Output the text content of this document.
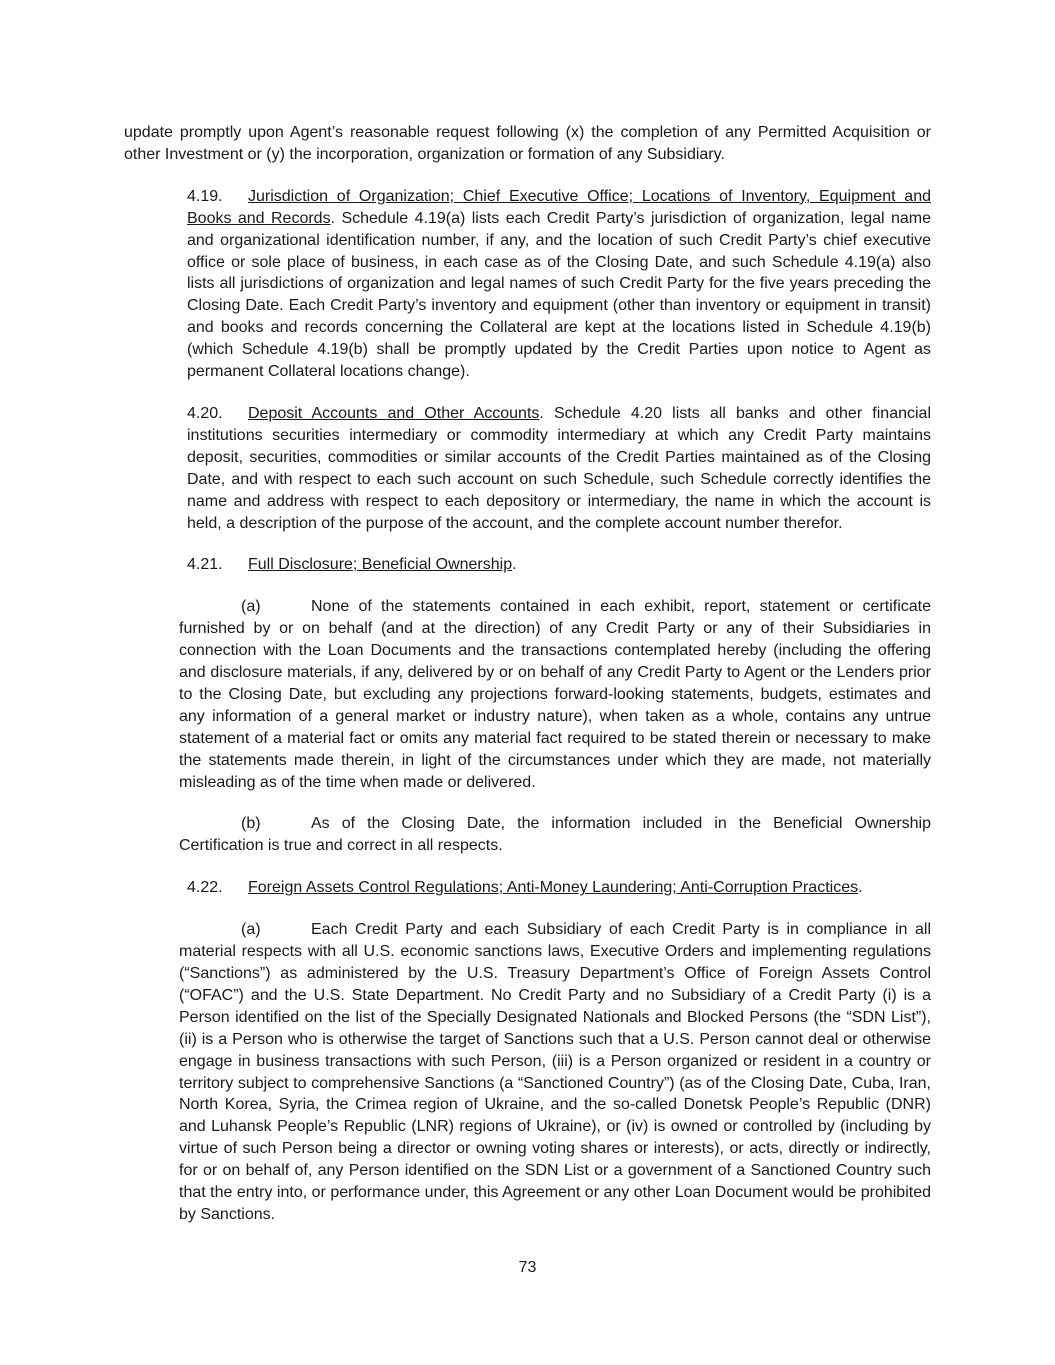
update promptly upon Agent’s reasonable request following (x) the completion of any Permitted Acquisition or other Investment or (y) the incorporation, organization or formation of any Subsidiary.

4.19. Jurisdiction of Organization; Chief Executive Office; Locations of Inventory, Equipment and Books and Records. Schedule 4.19(a) lists each Credit Party’s jurisdiction of organization, legal name and organizational identification number, if any, and the location of such Credit Party’s chief executive office or sole place of business, in each case as of the Closing Date, and such Schedule 4.19(a) also lists all jurisdictions of organization and legal names of such Credit Party for the five years preceding the Closing Date. Each Credit Party’s inventory and equipment (other than inventory or equipment in transit) and books and records concerning the Collateral are kept at the locations listed in Schedule 4.19(b) (which Schedule 4.19(b) shall be promptly updated by the Credit Parties upon notice to Agent as permanent Collateral locations change).

4.20. Deposit Accounts and Other Accounts. Schedule 4.20 lists all banks and other financial institutions securities intermediary or commodity intermediary at which any Credit Party maintains deposit, securities, commodities or similar accounts of the Credit Parties maintained as of the Closing Date, and with respect to each such account on such Schedule, such Schedule correctly identifies the name and address with respect to each depository or intermediary, the name in which the account is held, a description of the purpose of the account, and the complete account number therefor.

4.21. Full Disclosure; Beneficial Ownership.

(a)	None of the statements contained in each exhibit, report, statement or certificate furnished by or on behalf (and at the direction) of any Credit Party or any of their Subsidiaries in connection with the Loan Documents and the transactions contemplated hereby (including the offering and disclosure materials, if any, delivered by or on behalf of any Credit Party to Agent or the Lenders prior to the Closing Date, but excluding any projections forward-looking statements, budgets, estimates and any information of a general market or industry nature), when taken as a whole, contains any untrue statement of a material fact or omits any material fact required to be stated therein or necessary to make the statements made therein, in light of the circumstances under which they are made, not materially misleading as of the time when made or delivered.

(b)	As of the Closing Date, the information included in the Beneficial Ownership Certification is true and correct in all respects.

4.22. Foreign Assets Control Regulations; Anti-Money Laundering; Anti-Corruption Practices.

(a)	Each Credit Party and each Subsidiary of each Credit Party is in compliance in all material respects with all U.S. economic sanctions laws, Executive Orders and implementing regulations (“Sanctions”) as administered by the U.S. Treasury Department’s Office of Foreign Assets Control (“OFAC”) and the U.S. State Department. No Credit Party and no Subsidiary of a Credit Party (i) is a Person identified on the list of the Specially Designated Nationals and Blocked Persons (the “SDN List”), (ii) is a Person who is otherwise the target of Sanctions such that a U.S. Person cannot deal or otherwise engage in business transactions with such Person, (iii) is a Person organized or resident in a country or territory subject to comprehensive Sanctions (a “Sanctioned Country”) (as of the Closing Date, Cuba, Iran, North Korea, Syria, the Crimea region of Ukraine, and the so-called Donetsk People’s Republic (DNR) and Luhansk People’s Republic (LNR) regions of Ukraine), or (iv) is owned or controlled by (including by virtue of such Person being a director or owning voting shares or interests), or acts, directly or indirectly, for or on behalf of, any Person identified on the SDN List or a government of a Sanctioned Country such that the entry into, or performance under, this Agreement or any other Loan Document would be prohibited by Sanctions.

73
